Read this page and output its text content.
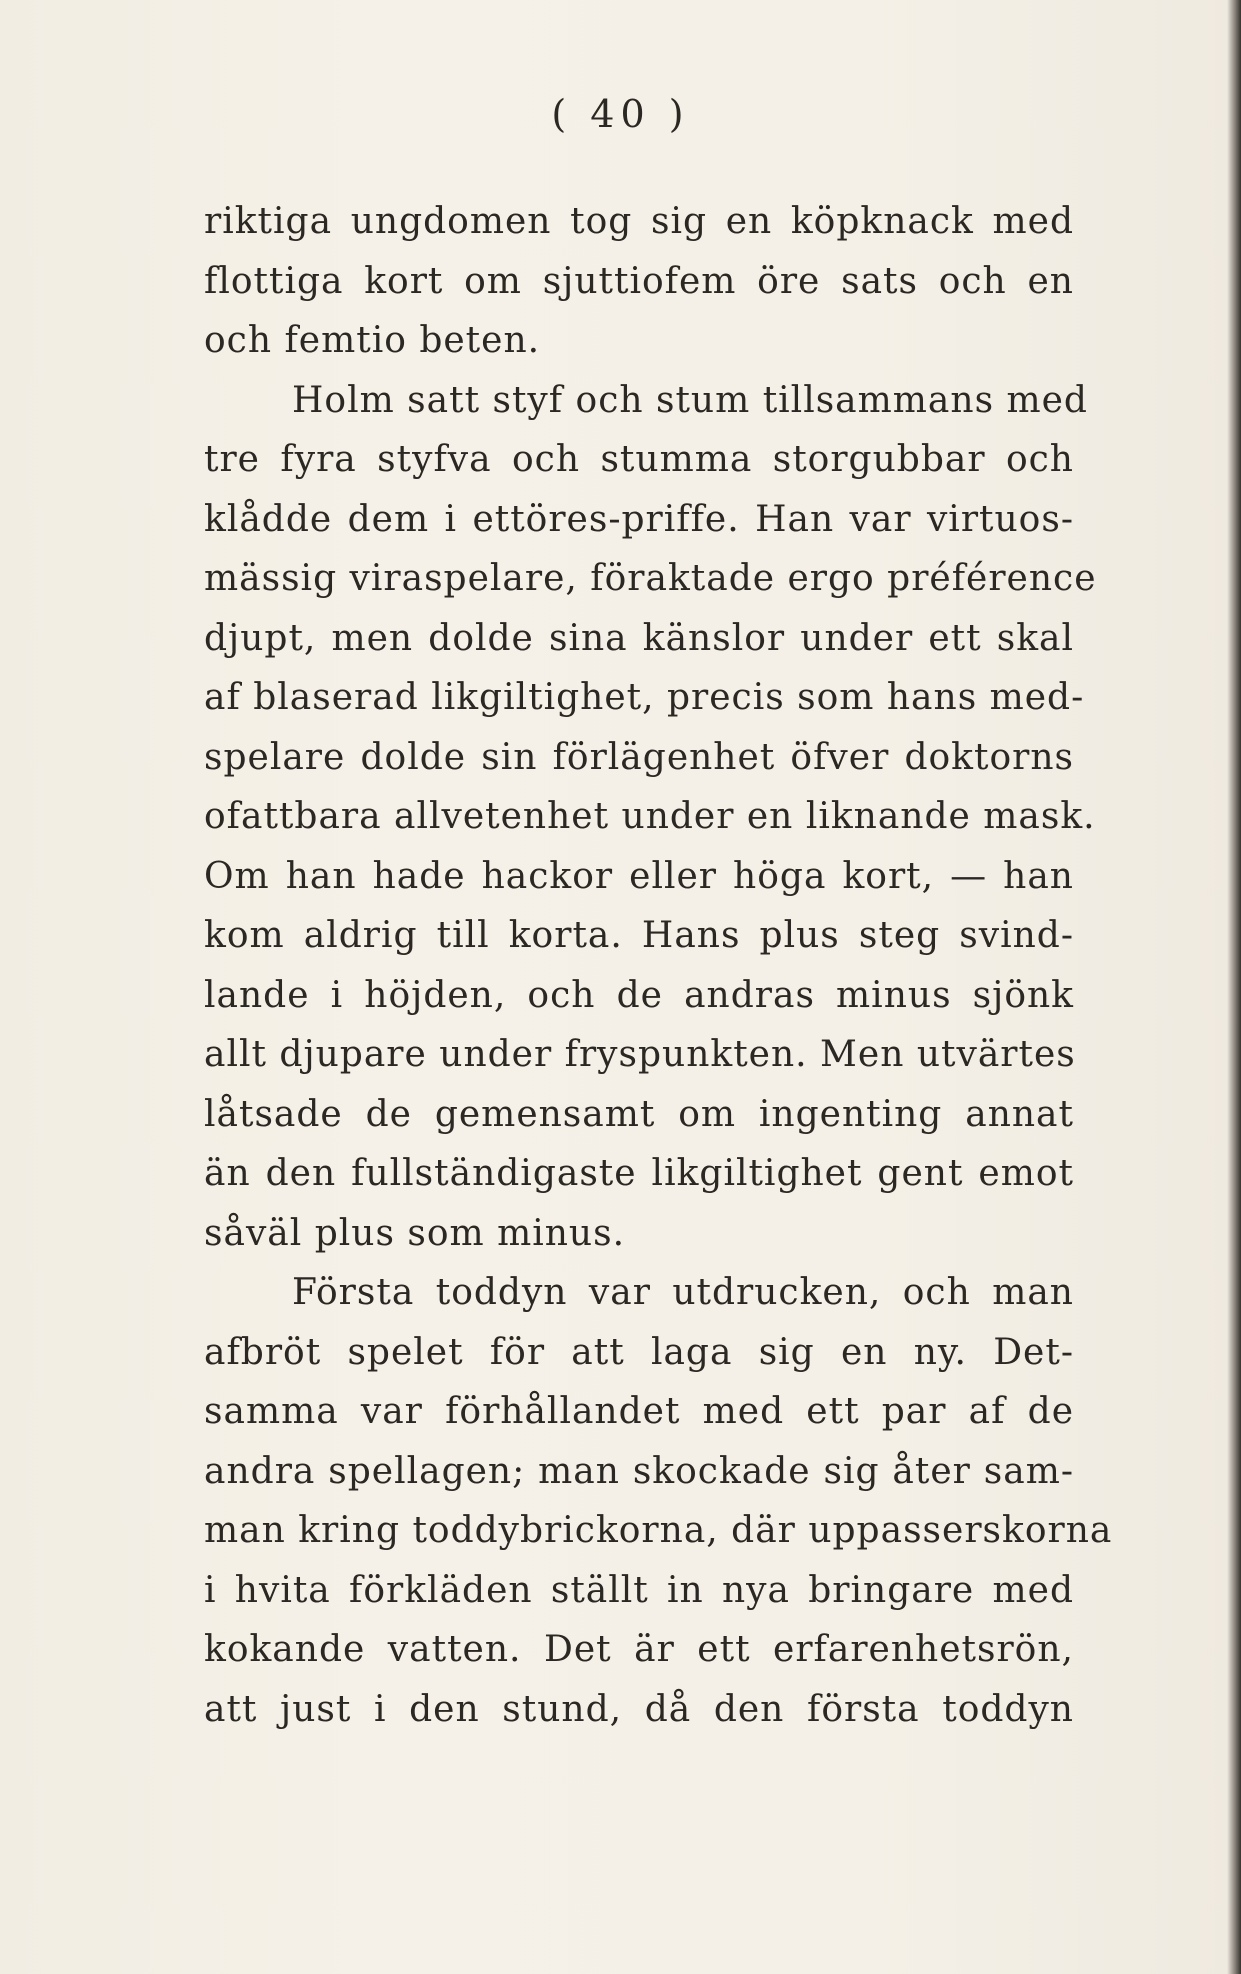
( 40 )
riktiga ungdomen tog sig en köpknack med
flottiga kort om sjuttiofem öre sats och en
och femtio beten.
Holm satt styf och stum tillsammans med
tre fyra styfva och stumma storgubbar och
klådde dem i ettöres-priffe. Han var virtuos-
mässig viraspelare, föraktade ergo préférence
djupt, men dolde sina känslor under ett skal
af blaserad likgiltighet, precis som hans med-
spelare dolde sin förlägenhet öfver doktorns
ofattbara allvetenhet under en liknande mask.
Om han hade hackor eller höga kort, — han
kom aldrig till korta. Hans plus steg svind-
lande i höjden, och de andras minus sjönk
allt djupare under fryspunkten. Men utvärtes
låtsade de gemensamt om ingenting annat
än den fullständigaste likgiltighet gent emot
såväl plus som minus.
Första toddyn var utdrucken, och man
afbröt spelet för att laga sig en ny. Det-
samma var förhållandet med ett par af de
andra spellagen; man skockade sig åter sam-
man kring toddybrickorna, där uppasserskorna
i hvita förkläden ställt in nya bringare med
kokande vatten. Det är ett erfarenhetsrön,
att just i den stund, då den första toddyn
